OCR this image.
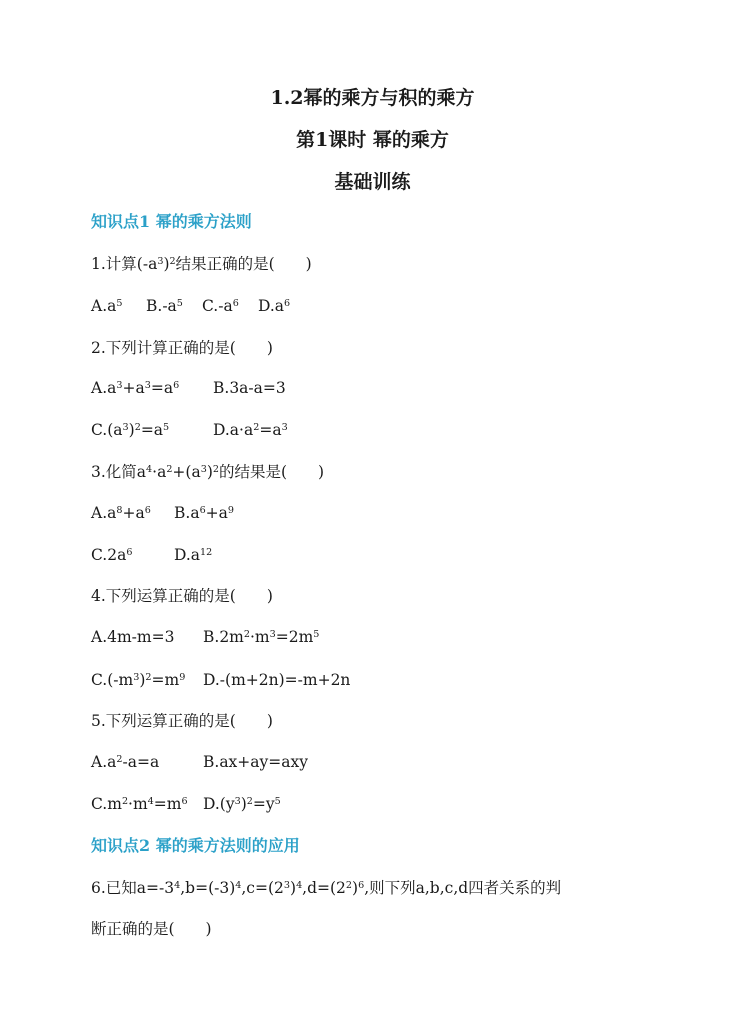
1.2幂的乘方与积的乘方
第1课时 幂的乘方
基础训练
知识点1 幂的乘方法则
1.计算$(-a^3)^2$结果正确的是(　　)
$A.a^5$ $B.-a^5$ $C.-a^6$ $D.a^6$
2.下列计算正确的是(　　)
$A.a^3+a^3=a^6$ B.3a-a=3
$C.(a^3)^2=a^5$	$D.a\cdot a^2=a^3$
3.化简$a^4\cdot a^2+(a^3)^2$的结果是(　　)
$A.a^8+a^6$ $B.a^6+a^9$
$C.2a^6$	$D.a^{12}$
4.下列运算正确的是(　　)
A.4m-m=3 $B.2m^2\cdot m^3=2m^5$
$C.(-m^3)^2=m^9$ D.-(m+2n)=-m+2n
5.下列运算正确的是(　　)
$A.a^2-a=a$	B.ax+ay=axy
$C.m^2\cdot m^4=m^6$ $D.(y^3)^2=y^5$
知识点2 幂的乘方法则的应用
6.已知$a=-3^4,b=(-3)^4,c=(2^3)^4,d=(2^2)^6$,则下列a,b,c,d四者关系的判
断正确的是(　　)
